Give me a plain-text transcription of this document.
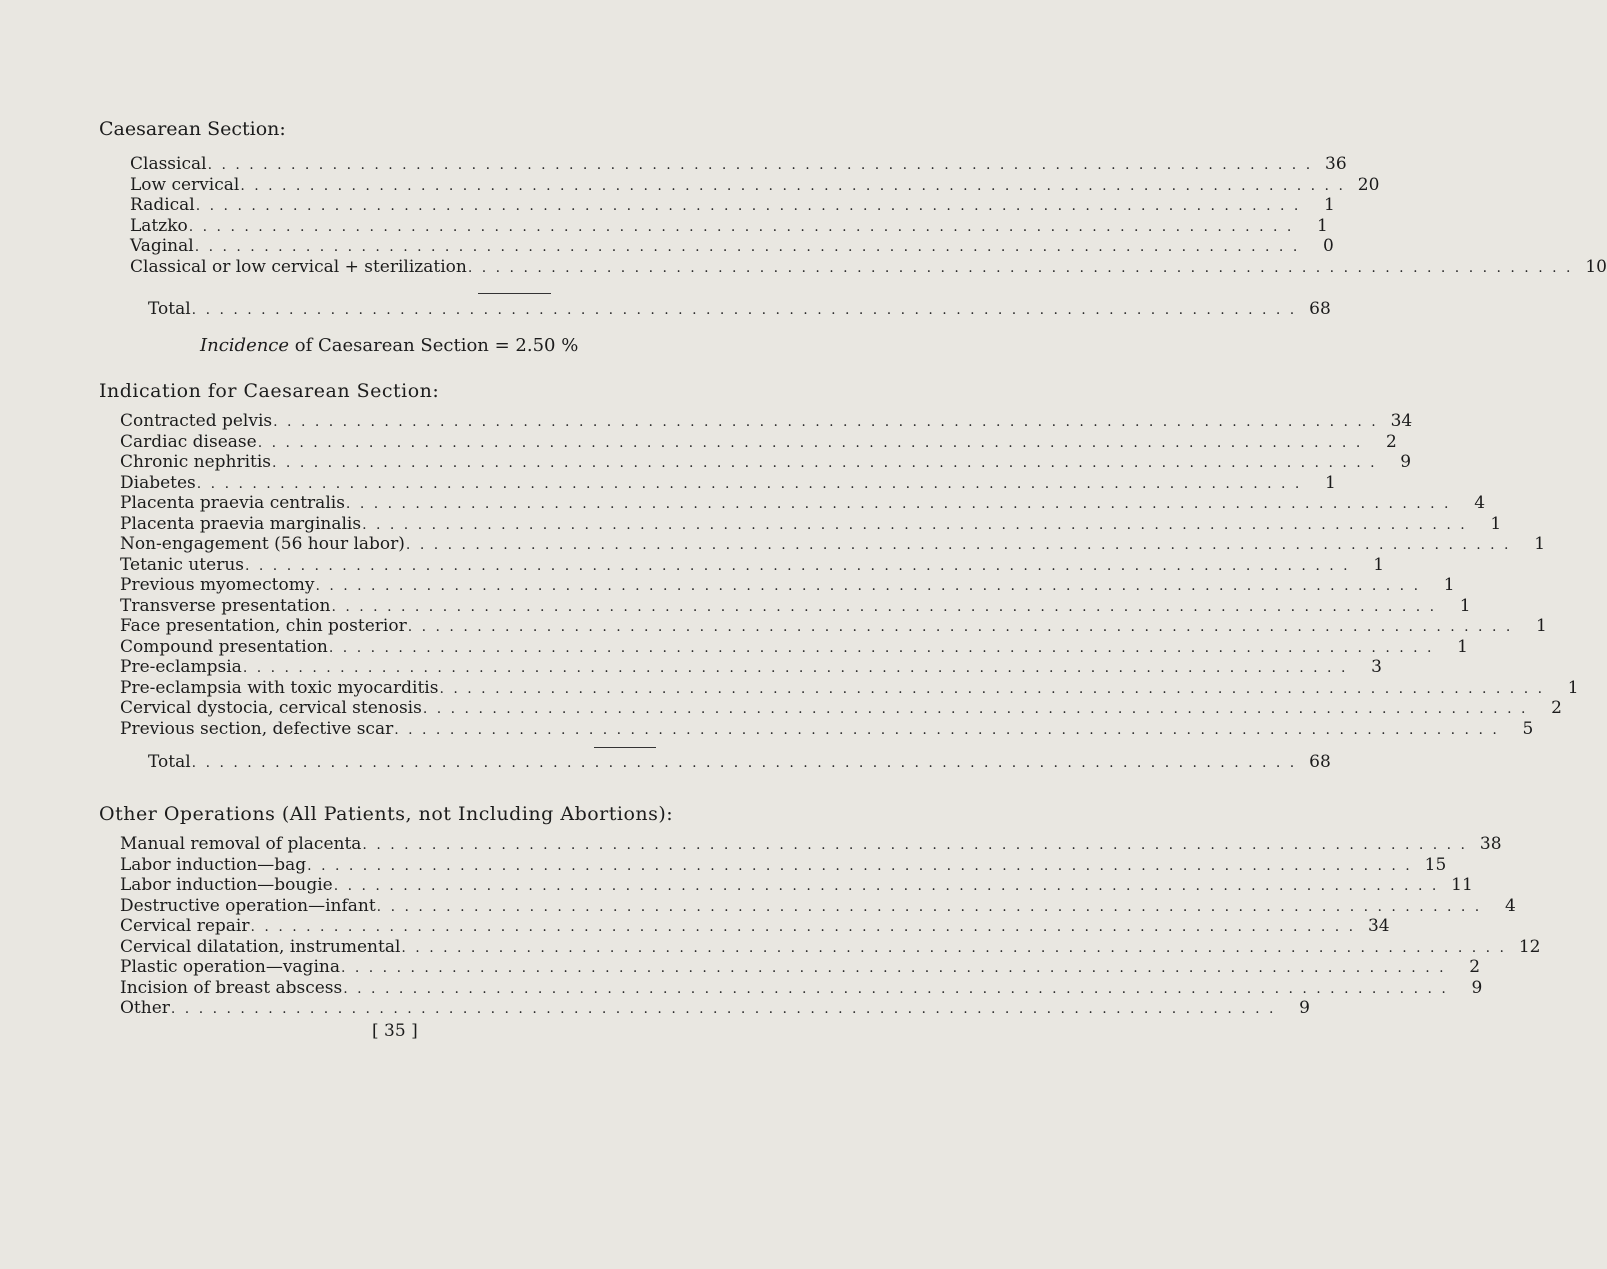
Caesarean Section:
Classical . . . . . . . . . . . . . . . . . . . . . . . . . . . . . . . . . . . . . . . . . . . . . . . . . . . . . . . . . . . . . . . . . . . . . . . . . . . . . . . . 36
Low cervical . . . . . . . . . . . . . . . . . . . . . . . . . . . . . . . . . . . . . . . . . . . . . . . . . . . . . . . . . . . . . . . . . . . . . . . . . . . . . . . . 20
Radical . . . . . . . . . . . . . . . . . . . . . . . . . . . . . . . . . . . . . . . . . . . . . . . . . . . . . . . . . . . . . . . . . . . . . . . . . . . . . . . .	1
Latzko . . . . . . . . . . . . . . . . . . . . . . . . . . . . . . . . . . . . . . . . . . . . . . . . . . . . . . . . . . . . . . . . . . . . . . . . . . . . . . . .	1
Vaginal . . . . . . . . . . . . . . . . . . . . . . . . . . . . . . . . . . . . . . . . . . . . . . . . . . . . . . . . . . . . . . . . . . . . . . . . . . . . . . . .	0
Classical or low cervical + sterilization . . . . . . . . . . . . . . . . . . . . . . . . . . . . . . . . . . . . . . . . . . . . . . . . . . . . . . . . . . . . . . . . . . . . . . . . . . . . . . . . 10
Total . . . . . . . . . . . . . . . . . . . . . . . . . . . . . . . . . . . . . . . . . . . . . . . . . . . . . . . . . . . . . . . . . . . . . . . . . . . . . . . . 68
Incidence of Caesarean Section = 2.50 %
Indication for Caesarean Section:
Contracted pelvis . . . . . . . . . . . . . . . . . . . . . . . . . . . . . . . . . . . . . . . . . . . . . . . . . . . . . . . . . . . . . . . . . . . . . . . . . . . . . . . . 34
Cardiac disease . . . . . . . . . . . . . . . . . . . . . . . . . . . . . . . . . . . . . . . . . . . . . . . . . . . . . . . . . . . . . . . . . . . . . . . . . . . . . . . .	2
Chronic nephritis . . . . . . . . . . . . . . . . . . . . . . . . . . . . . . . . . . . . . . . . . . . . . . . . . . . . . . . . . . . . . . . . . . . . . . . . . . . . . . . .	9
Diabetes . . . . . . . . . . . . . . . . . . . . . . . . . . . . . . . . . . . . . . . . . . . . . . . . . . . . . . . . . . . . . . . . . . . . . . . . . . . . . . . .	1
Placenta praevia centralis . . . . . . . . . . . . . . . . . . . . . . . . . . . . . . . . . . . . . . . . . . . . . . . . . . . . . . . . . . . . . . . . . . . . . . . . . . . . . . . .	4
Placenta praevia marginalis . . . . . . . . . . . . . . . . . . . . . . . . . . . . . . . . . . . . . . . . . . . . . . . . . . . . . . . . . . . . . . . . . . . . . . . . . . . . . . . .	1
Non-engagement (56 hour labor) . . . . . . . . . . . . . . . . . . . . . . . . . . . . . . . . . . . . . . . . . . . . . . . . . . . . . . . . . . . . . . . . . . . . . . . . . . . . . . . .	1
Tetanic uterus . . . . . . . . . . . . . . . . . . . . . . . . . . . . . . . . . . . . . . . . . . . . . . . . . . . . . . . . . . . . . . . . . . . . . . . . . . . . . . . .	1
Previous myomectomy . . . . . . . . . . . . . . . . . . . . . . . . . . . . . . . . . . . . . . . . . . . . . . . . . . . . . . . . . . . . . . . . . . . . . . . . . . . . . . . .	1
Transverse presentation . . . . . . . . . . . . . . . . . . . . . . . . . . . . . . . . . . . . . . . . . . . . . . . . . . . . . . . . . . . . . . . . . . . . . . . . . . . . . . . .	1
Face presentation, chin posterior . . . . . . . . . . . . . . . . . . . . . . . . . . . . . . . . . . . . . . . . . . . . . . . . . . . . . . . . . . . . . . . . . . . . . . . . . . . . . . . .	1
Compound presentation . . . . . . . . . . . . . . . . . . . . . . . . . . . . . . . . . . . . . . . . . . . . . . . . . . . . . . . . . . . . . . . . . . . . . . . . . . . . . . . .	1
Pre-eclampsia . . . . . . . . . . . . . . . . . . . . . . . . . . . . . . . . . . . . . . . . . . . . . . . . . . . . . . . . . . . . . . . . . . . . . . . . . . . . . . . .	3
Pre-eclampsia with toxic myocarditis . . . . . . . . . . . . . . . . . . . . . . . . . . . . . . . . . . . . . . . . . . . . . . . . . . . . . . . . . . . . . . . . . . . . . . . . . . . . . . . .	1
Cervical dystocia, cervical stenosis . . . . . . . . . . . . . . . . . . . . . . . . . . . . . . . . . . . . . . . . . . . . . . . . . . . . . . . . . . . . . . . . . . . . . . . . . . . . . . . .	2
Previous section, defective scar . . . . . . . . . . . . . . . . . . . . . . . . . . . . . . . . . . . . . . . . . . . . . . . . . . . . . . . . . . . . . . . . . . . . . . . . . . . . . . . .	5
Total . . . . . . . . . . . . . . . . . . . . . . . . . . . . . . . . . . . . . . . . . . . . . . . . . . . . . . . . . . . . . . . . . . . . . . . . . . . . . . . . 68
Other Operations (All Patients, not Including Abortions):
Manual removal of placenta . . . . . . . . . . . . . . . . . . . . . . . . . . . . . . . . . . . . . . . . . . . . . . . . . . . . . . . . . . . . . . . . . . . . . . . . . . . . . . . . 38
Labor induction—bag . . . . . . . . . . . . . . . . . . . . . . . . . . . . . . . . . . . . . . . . . . . . . . . . . . . . . . . . . . . . . . . . . . . . . . . . . . . . . . . . 15
Labor induction—bougie . . . . . . . . . . . . . . . . . . . . . . . . . . . . . . . . . . . . . . . . . . . . . . . . . . . . . . . . . . . . . . . . . . . . . . . . . . . . . . . . 11
Destructive operation—infant . . . . . . . . . . . . . . . . . . . . . . . . . . . . . . . . . . . . . . . . . . . . . . . . . . . . . . . . . . . . . . . . . . . . . . . . . . . . . . . .	4
Cervical repair . . . . . . . . . . . . . . . . . . . . . . . . . . . . . . . . . . . . . . . . . . . . . . . . . . . . . . . . . . . . . . . . . . . . . . . . . . . . . . . . 34
Cervical dilatation, instrumental . . . . . . . . . . . . . . . . . . . . . . . . . . . . . . . . . . . . . . . . . . . . . . . . . . . . . . . . . . . . . . . . . . . . . . . . . . . . . . . . 12
Plastic operation—vagina . . . . . . . . . . . . . . . . . . . . . . . . . . . . . . . . . . . . . . . . . . . . . . . . . . . . . . . . . . . . . . . . . . . . . . . . . . . . . . . .	2
Incision of breast abscess . . . . . . . . . . . . . . . . . . . . . . . . . . . . . . . . . . . . . . . . . . . . . . . . . . . . . . . . . . . . . . . . . . . . . . . . . . . . . . . .	9
Other . . . . . . . . . . . . . . . . . . . . . . . . . . . . . . . . . . . . . . . . . . . . . . . . . . . . . . . . . . . . . . . . . . . . . . . . . . . . . . . .	9
[ 35 ]
